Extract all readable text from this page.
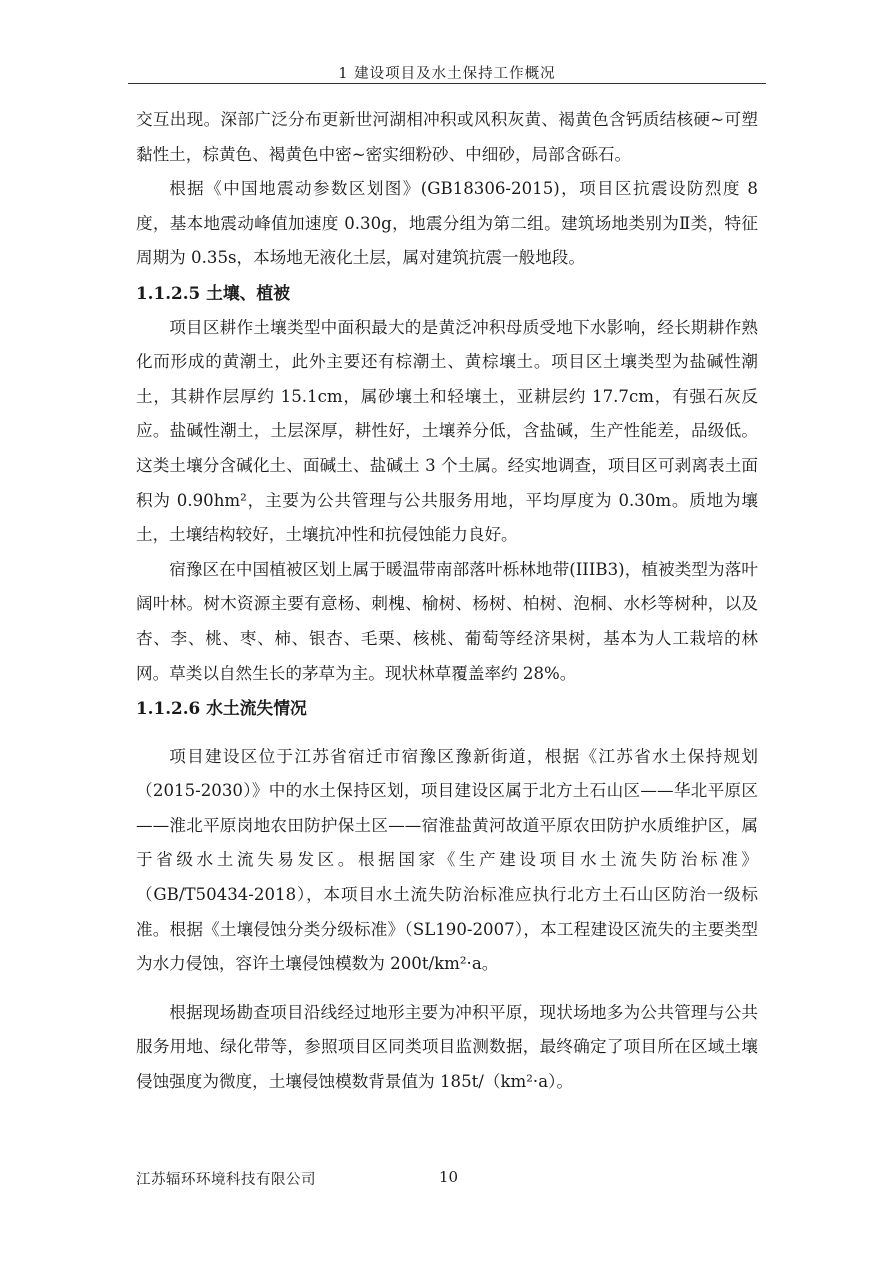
1 建设项目及水土保持工作概况

交互出现。深部广泛分布更新世河湖相冲积或风积灰黄、褐黄色含钙质结核硬~可塑黏性土，棕黄色、褐黄色中密~密实细粉砂、中细砂，局部含砾石。

根据《中国地震动参数区划图》(GB18306-2015)，项目区抗震设防烈度 8 度，基本地震动峰值加速度 0.30g，地震分组为第二组。建筑场地类别为Ⅱ类，特征周期为 0.35s，本场地无液化土层，属对建筑抗震一般地段。

1.1.2.5 土壤、植被

项目区耕作土壤类型中面积最大的是黄泛冲积母质受地下水影响，经长期耕作熟化而形成的黄潮土，此外主要还有棕潮土、黄棕壤土。项目区土壤类型为盐碱性潮土，其耕作层厚约 15.1cm，属砂壤土和轻壤土，亚耕层约 17.7cm，有强石灰反应。盐碱性潮土，土层深厚，耕性好，土壤养分低，含盐碱，生产性能差，品级低。这类土壤分含碱化土、面碱土、盐碱土 3 个土属。经实地调查，项目区可剥离表土面积为 0.90hm²，主要为公共管理与公共服务用地，平均厚度为 0.30m。质地为壤土，土壤结构较好，土壤抗冲性和抗侵蚀能力良好。

宿豫区在中国植被区划上属于暖温带南部落叶栎林地带(IIIB3)，植被类型为落叶阔叶林。树木资源主要有意杨、刺槐、榆树、杨树、柏树、泡桐、水杉等树种，以及杏、李、桃、枣、柿、银杏、毛栗、核桃、葡萄等经济果树，基本为人工栽培的林网。草类以自然生长的茅草为主。现状林草覆盖率约 28%。

1.1.2.6 水土流失情况

项目建设区位于江苏省宿迁市宿豫区豫新街道，根据《江苏省水土保持规划（2015-2030）》中的水土保持区划，项目建设区属于北方土石山区——华北平原区——淮北平原岗地农田防护保土区——宿淮盐黄河故道平原农田防护水质维护区，属于省级水土流失易发区。根据国家《生产建设项目水土流失防治标准》（GB/T50434-2018），本项目水土流失防治标准应执行北方土石山区防治一级标准。根据《土壤侵蚀分类分级标准》（SL190-2007），本工程建设区流失的主要类型为水力侵蚀，容许土壤侵蚀模数为 200t/km²·a。

根据现场勘查项目沿线经过地形主要为冲积平原，现状场地多为公共管理与公共服务用地、绿化带等，参照项目区同类项目监测数据，最终确定了项目所在区域土壤侵蚀强度为微度，土壤侵蚀模数背景值为 185t/（km²·a）。

江苏辐环环境科技有限公司	10
